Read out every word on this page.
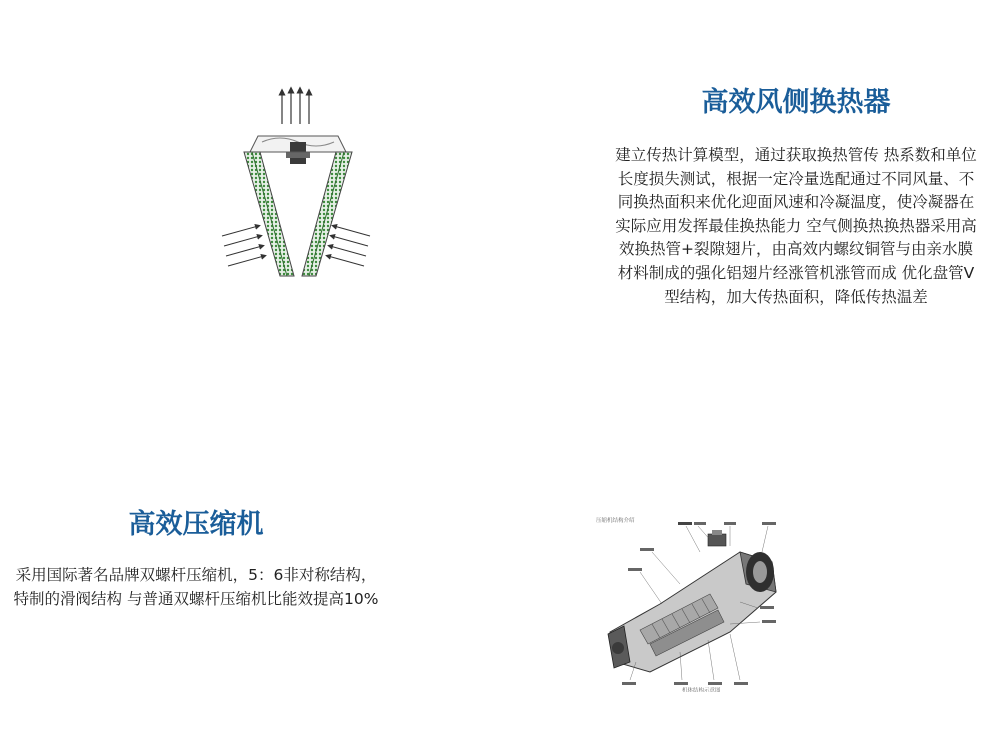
高效风侧换热器

建立传热计算模型，通过获取换热管传 热系数和单位长度损失测试，根据一定冷量选配通过不同风量、不同换热面积来优化迎面风速和冷凝温度，使冷凝器在实际应用发挥最佳换热能力 空气侧换热换热器采用高效换热管+裂隙翅片，由高效内螺纹铜管与由亲水膜材料制成的强化铝翅片经涨管机涨管而成 优化盘管V型结构，加大传热面积，降低传热温差

高效压缩机

采用国际著名品牌双螺杆压缩机，5：6非对称结构，特制的滑阀结构 与普通双螺杆压缩机比能效提高10%

压缩机结构介绍
机体结构示意图
